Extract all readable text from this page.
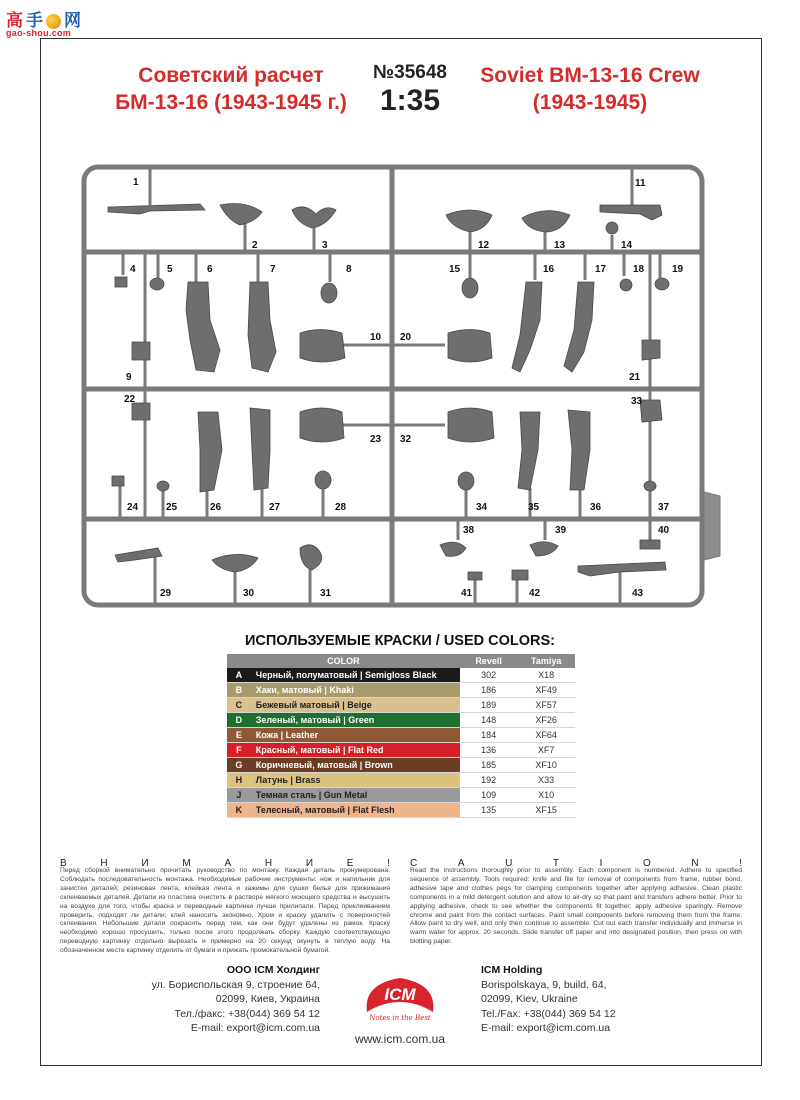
高 手 网
gao-shou.com
Советский расчет
БМ-13-16 (1943-1945 г.)
№35648
1:35
Soviet BM-13-16 Crew
(1943-1945)
1
2	3
4	5	6	7	8
9
10
11
12	13	14
15	16	17	18	19
20
21
22
23
24	25	26	27	28
29	30	31
32
33
34	35	36	37
38	39	40
41	42	43
ИСПОЛЬЗУЕМЫЕ КРАСКИ / USED COLORS:
COLOR		Revell	Tamiya
A	Черный, полуматовый | Semigloss Black	302	X18
B	Хаки, матовый | Khaki	186	XF49
C	Бежевый матовый | Beige	189	XF57
D	Зеленый, матовый | Green	148	XF26
E	Кожа | Leather	184	XF64
F	Красный, матовый | Flat Red	136	XF7
G	Коричневый, матовый | Brown	185	XF10
H	Латунь | Brass	192	X33
J	Темная сталь | Gun Metal	109	X10
K	Телесный, матовый | Flat Flesh	135	XF15
В	Н	И	М	А	Н	И	Е	!
Перед сборкой внимательно прочитать руководство по монтажу. Каждая деталь пронумерована. Соблюдать последовательность монтажа. Необходимые рабочие инструменты: нож и напильник для зачистки деталей; резиновая лента, клейкая лента и зажимы для сушки белья для прижимания склеиваемых деталей. Детали из пластика очистить в растворе мягкого моющего средства и высушить на воздухе для того, чтобы краска и переводные картинки лучше прилипали. Перед приклеиванием проверить, подходят ли детали; клей наносить экономно. Хром и краску удалить с поверхностей склеивания. Небольшие детали покрасить перед тем, как они будут удалены из рамок. Краску необходимо хорошо просушить, только после этого продолжать сборку. Каждую соответствующую переводную картинку отдельно вырезать и примерно на 20 секунд окунуть в теплую воду. На обозначенном месте картинку отделить от бумаги и прижать промокательной бумагой.
C	A	U	T	I	O	N	!
Read the instructions thoroughly prior to assembly. Each component is numbered. Adhere to specified sequence of assembly. Tools required: knife and file for removal of components from frame, rubber bond, adhesive tape and clothes pegs for clamping components together after applying adhesive. Clean plastic components in a mild detergent solution and allow to air-dry so that paint and transfers adhere better. Prior to applying adhesive, check to see whether the components fit together; apply adhesive sparingly. Remove chrome and paint from the contact surfaces. Paint small components before removing them from the frame. Allow paint to dry well, and only then continue to assemble. Cut out each transfer individually and immerse in warm water for approx. 20 seconds. Slide transfer off paper and into designated position, then press on with blotting paper.
ООО ICM Холдинг
ул. Бориспольская 9, строение 64,
02099, Киев, Украина
Тел./факс: +38(044) 369 54 12
E-mail: export@icm.com.ua
ICM
Notes in the Best
ICM Holding
Borispolskaya, 9, build. 64,
02099, Kiev, Ukraine
Tel./Fax: +38(044) 369 54 12
E-mail: export@icm.com.ua
www.icm.com.ua
